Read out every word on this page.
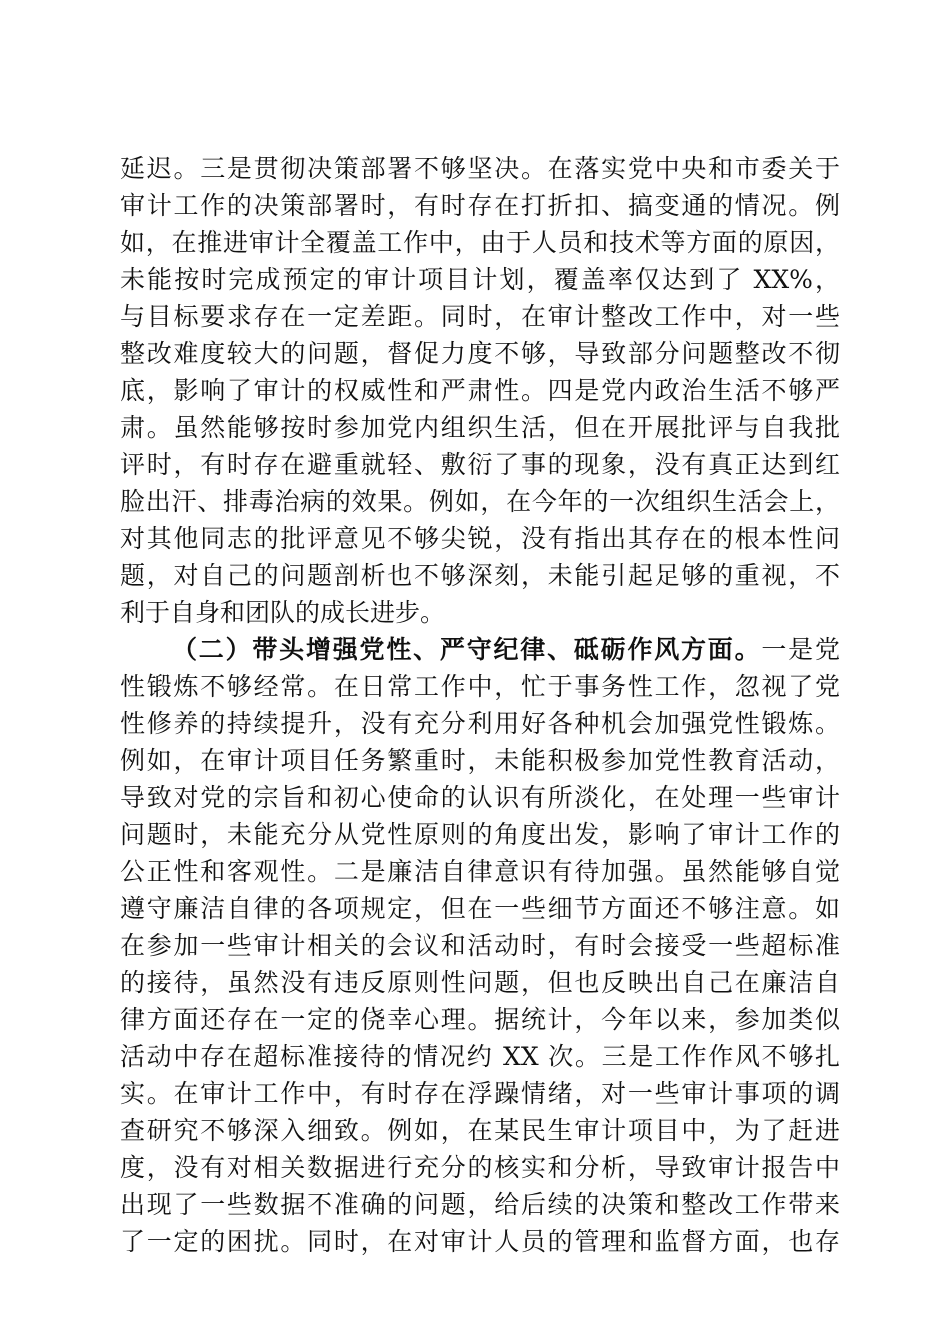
延迟。三是贯彻决策部署不够坚决。在落实党中央和市委关于
审计工作的决策部署时，有时存在打折扣、搞变通的情况。例
如，在推进审计全覆盖工作中，由于人员和技术等方面的原因，
未能按时完成预定的审计项目计划，覆盖率仅达到了 XX%，
与目标要求存在一定差距。同时，在审计整改工作中，对一些
整改难度较大的问题，督促力度不够，导致部分问题整改不彻
底，影响了审计的权威性和严肃性。四是党内政治生活不够严
肃。虽然能够按时参加党内组织生活，但在开展批评与自我批
评时，有时存在避重就轻、敷衍了事的现象，没有真正达到红
脸出汗、排毒治病的效果。例如，在今年的一次组织生活会上，
对其他同志的批评意见不够尖锐，没有指出其存在的根本性问
题，对自己的问题剖析也不够深刻，未能引起足够的重视，不
利于自身和团队的成长进步。
（二）带头增强党性、严守纪律、砥砺作风方面。一是党
性锻炼不够经常。在日常工作中，忙于事务性工作，忽视了党
性修养的持续提升，没有充分利用好各种机会加强党性锻炼。
例如，在审计项目任务繁重时，未能积极参加党性教育活动，
导致对党的宗旨和初心使命的认识有所淡化，在处理一些审计
问题时，未能充分从党性原则的角度出发，影响了审计工作的
公正性和客观性。二是廉洁自律意识有待加强。虽然能够自觉
遵守廉洁自律的各项规定，但在一些细节方面还不够注意。如
在参加一些审计相关的会议和活动时，有时会接受一些超标准
的接待，虽然没有违反原则性问题，但也反映出自己在廉洁自
律方面还存在一定的侥幸心理。据统计，今年以来，参加类似
活动中存在超标准接待的情况约 XX 次。三是工作作风不够扎
实。在审计工作中，有时存在浮躁情绪，对一些审计事项的调
查研究不够深入细致。例如，在某民生审计项目中，为了赶进
度，没有对相关数据进行充分的核实和分析，导致审计报告中
出现了一些数据不准确的问题，给后续的决策和整改工作带来
了一定的困扰。同时，在对审计人员的管理和监督方面，也存
